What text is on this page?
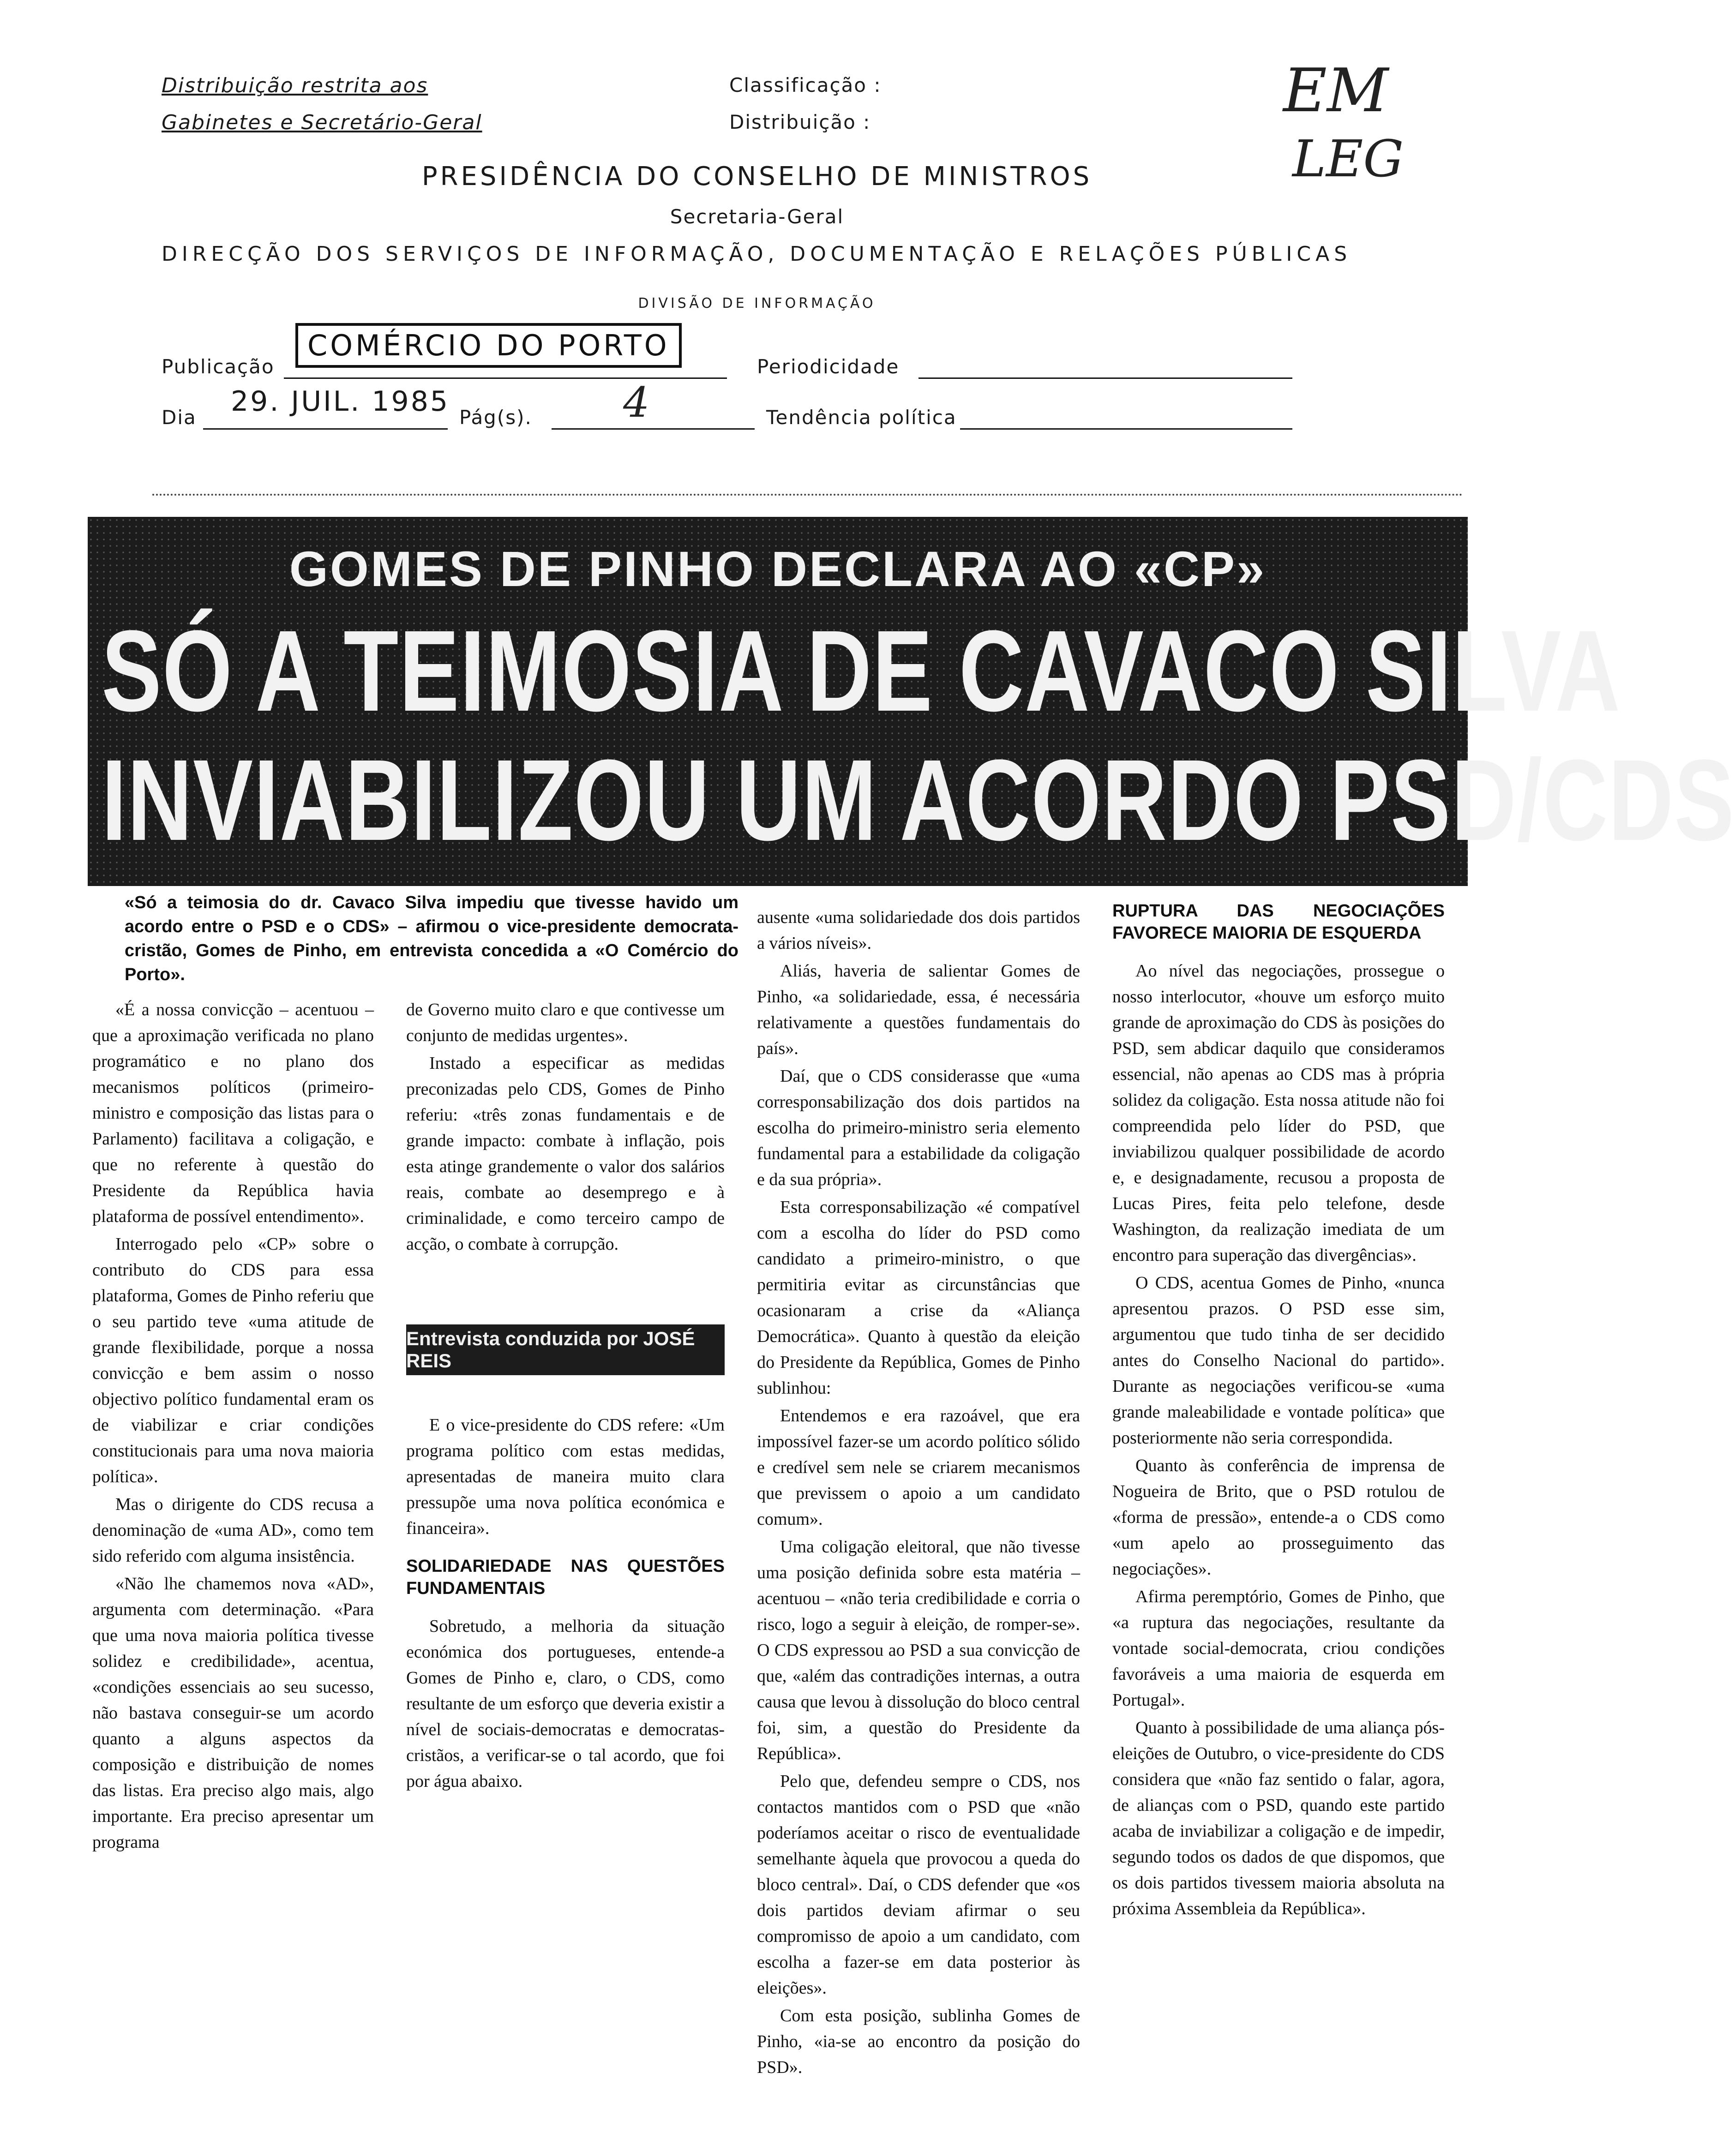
Distribuição restrita aos
Gabinetes e Secretário-Geral
Classificação :
Distribuição :	EM
LEG
PRESIDÊNCIA DO CONSELHO DE MINISTROS
Secretaria-Geral
DIRECÇÃO DOS SERVIÇOS DE INFORMAÇÃO, DOCUMENTAÇÃO E RELAÇÕES PÚBLICAS
DIVISÃO DE INFORMAÇÃO
Publicação
COMÉRCIO DO PORTO
Periodicidade
Dia 29. JUIL. 1985 Pág(s). 4	Tendência política
GOMES DE PINHO DECLARA AO «CP»
SÓ A TEIMOSIA DE CAVACO SILVA
INVIABILIZOU UM ACORDO PSD/CDS
«Só a teimosia do dr. Cavaco Silva impediu que tivesse havido um acordo entre o PSD e o CDS» – afirmou o vice-presidente democrata-cristão, Gomes de Pinho, em entrevista concedida a «O Comércio do Porto».

«É a nossa convicção – acentuou – que a aproximação verificada no plano programático e no plano dos mecanismos políticos (primeiro-ministro e composição das listas para o Parlamento) facilitava a coligação, e que no referente à questão do Presidente da República havia plataforma de possível entendimento».

Interrogado pelo «CP» sobre o contributo do CDS para essa plataforma, Gomes de Pinho referiu que o seu partido teve «uma atitude de grande flexibilidade, porque a nossa convicção e bem assim o nosso objectivo político fundamental eram os de viabilizar e criar condições constitucionais para uma nova maioria política».

Mas o dirigente do CDS recusa a denominação de «uma AD», como tem sido referido com alguma insistência.

«Não lhe chamemos nova «AD», argumenta com determinação. «Para que uma nova maioria política tivesse solidez e credibilidade», acentua, «condições essenciais ao seu sucesso, não bastava conseguir-se um acordo quanto a alguns aspectos da composição e distribuição de nomes das listas. Era preciso algo mais, algo importante. Era preciso apresentar um programa

de Governo muito claro e que contivesse um conjunto de medidas urgentes».

Instado a especificar as medidas preconizadas pelo CDS, Gomes de Pinho referiu: «três zonas fundamentais e de grande impacto: combate à inflação, pois esta atinge grandemente o valor dos salários reais, combate ao desemprego e à criminalidade, e como terceiro campo de acção, o combate à corrupção.

Entrevista conduzida por JOSÉ REIS

E o vice-presidente do CDS refere: «Um programa político com estas medidas, apresentadas de maneira muito clara pressupõe uma nova política económica e financeira».

SOLIDARIEDADE NAS QUESTÕES FUNDAMENTAIS

Sobretudo, a melhoria da situação económica dos portugueses, entende-a Gomes de Pinho e, claro, o CDS, como resultante de um esforço que deveria existir a nível de sociais-democratas e democratas-cristãos, a verificar-se o tal acordo, que foi por água abaixo.

ausente «uma solidariedade dos dois partidos a vários níveis».

Aliás, haveria de salientar Gomes de Pinho, «a solidariedade, essa, é necessária relativamente a questões fundamentais do país».

Daí, que o CDS considerasse que «uma corresponsabilização dos dois partidos na escolha do primeiro-ministro seria elemento fundamental para a estabilidade da coligação e da sua própria».

Esta corresponsabilização «é compatível com a escolha do líder do PSD como candidato a primeiro-ministro, o que permitiria evitar as circunstâncias que ocasionaram a crise da «Aliança Democrática». Quanto à questão da eleição do Presidente da República, Gomes de Pinho sublinhou:

Entendemos e era razoável, que era impossível fazer-se um acordo político sólido e credível sem nele se criarem mecanismos que previssem o apoio a um candidato comum».

Uma coligação eleitoral, que não tivesse uma posição definida sobre esta matéria – acentuou – «não teria credibilidade e corria o risco, logo a seguir à eleição, de romper-se». O CDS expressou ao PSD a sua convicção de que, «além das contradições internas, a outra causa que levou à dissolução do bloco central foi, sim, a questão do Presidente da República».

Pelo que, defendeu sempre o CDS, nos contactos mantidos com o PSD que «não poderíamos aceitar o risco de eventualidade semelhante àquela que provocou a queda do bloco central». Daí, o CDS defender que «os dois partidos deviam afirmar o seu compromisso de apoio a um candidato, com escolha a fazer-se em data posterior às eleições».

Com esta posição, sublinha Gomes de Pinho, «ia-se ao encontro da posição do PSD».

RUPTURA DAS NEGOCIAÇÕES FAVORECE MAIORIA DE ESQUERDA

Ao nível das negociações, prossegue o nosso interlocutor, «houve um esforço muito grande de aproximação do CDS às posições do PSD, sem abdicar daquilo que consideramos essencial, não apenas ao CDS mas à própria solidez da coligação. Esta nossa atitude não foi compreendida pelo líder do PSD, que inviabilizou qualquer possibilidade de acordo e, e designadamente, recusou a proposta de Lucas Pires, feita pelo telefone, desde Washington, da realização imediata de um encontro para superação das divergências».

O CDS, acentua Gomes de Pinho, «nunca apresentou prazos. O PSD esse sim, argumentou que tudo tinha de ser decidido antes do Conselho Nacional do partido». Durante as negociações verificou-se «uma grande maleabilidade e vontade política» que posteriormente não seria correspondida.

Quanto às conferência de imprensa de Nogueira de Brito, que o PSD rotulou de «forma de pressão», entende-a o CDS como «um apelo ao prosseguimento das negociações».

Afirma peremptório, Gomes de Pinho, que «a ruptura das negociações, resultante da vontade social-democrata, criou condições favoráveis a uma maioria de esquerda em Portugal».

Quanto à possibilidade de uma aliança pós-eleições de Outubro, o vice-presidente do CDS considera que «não faz sentido o falar, agora, de alianças com o PSD, quando este partido acaba de inviabilizar a coligação e de impedir, segundo todos os dados de que dispomos, que os dois partidos tivessem maioria absoluta na próxima Assembleia da República».
